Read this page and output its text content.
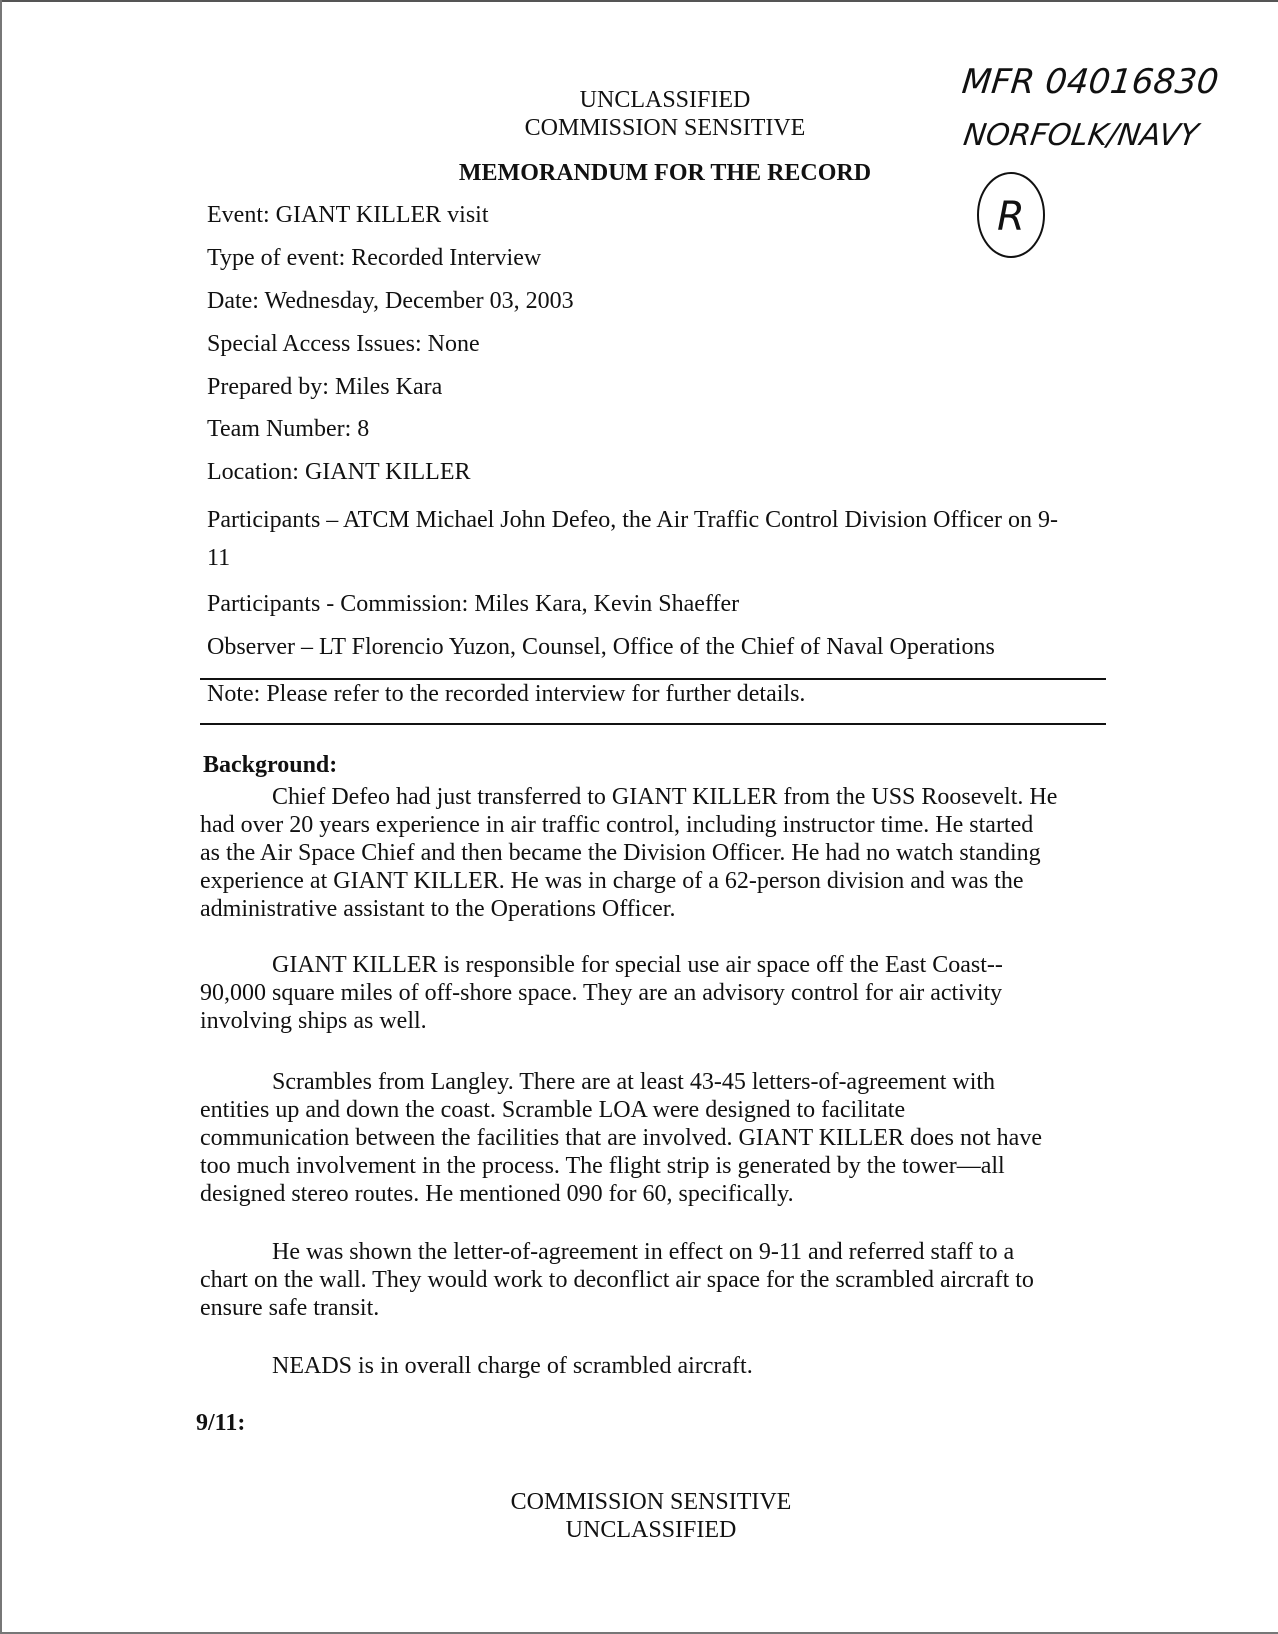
UNCLASSIFIED
COMMISSION SENSITIVE
MFR 04016830
NORFOLK/NAVY
R
MEMORANDUM FOR THE RECORD
Event: GIANT KILLER visit
Type of event: Recorded Interview
Date: Wednesday, December 03, 2003
Special Access Issues: None
Prepared by: Miles Kara
Team Number: 8
Location: GIANT KILLER
Participants – ATCM Michael John Defeo, the Air Traffic Control Division Officer on 9-
11
Participants - Commission: Miles Kara, Kevin Shaeffer
Observer – LT Florencio Yuzon, Counsel, Office of the Chief of Naval Operations
Note: Please refer to the recorded interview for further details.
Background:
Chief Defeo had just transferred to GIANT KILLER from the USS Roosevelt. He
had over 20 years experience in air traffic control, including instructor time. He started
as the Air Space Chief and then became the Division Officer. He had no watch standing
experience at GIANT KILLER. He was in charge of a 62-person division and was the
administrative assistant to the Operations Officer.
GIANT KILLER is responsible for special use air space off the East Coast--
90,000 square miles of off-shore space. They are an advisory control for air activity
involving ships as well.
Scrambles from Langley. There are at least 43-45 letters-of-agreement with
entities up and down the coast. Scramble LOA were designed to facilitate
communication between the facilities that are involved. GIANT KILLER does not have
too much involvement in the process. The flight strip is generated by the tower—all
designed stereo routes. He mentioned 090 for 60, specifically.
He was shown the letter-of-agreement in effect on 9-11 and referred staff to a
chart on the wall. They would work to deconflict air space for the scrambled aircraft to
ensure safe transit.
NEADS is in overall charge of scrambled aircraft.
9/11:
COMMISSION SENSITIVE
UNCLASSIFIED
